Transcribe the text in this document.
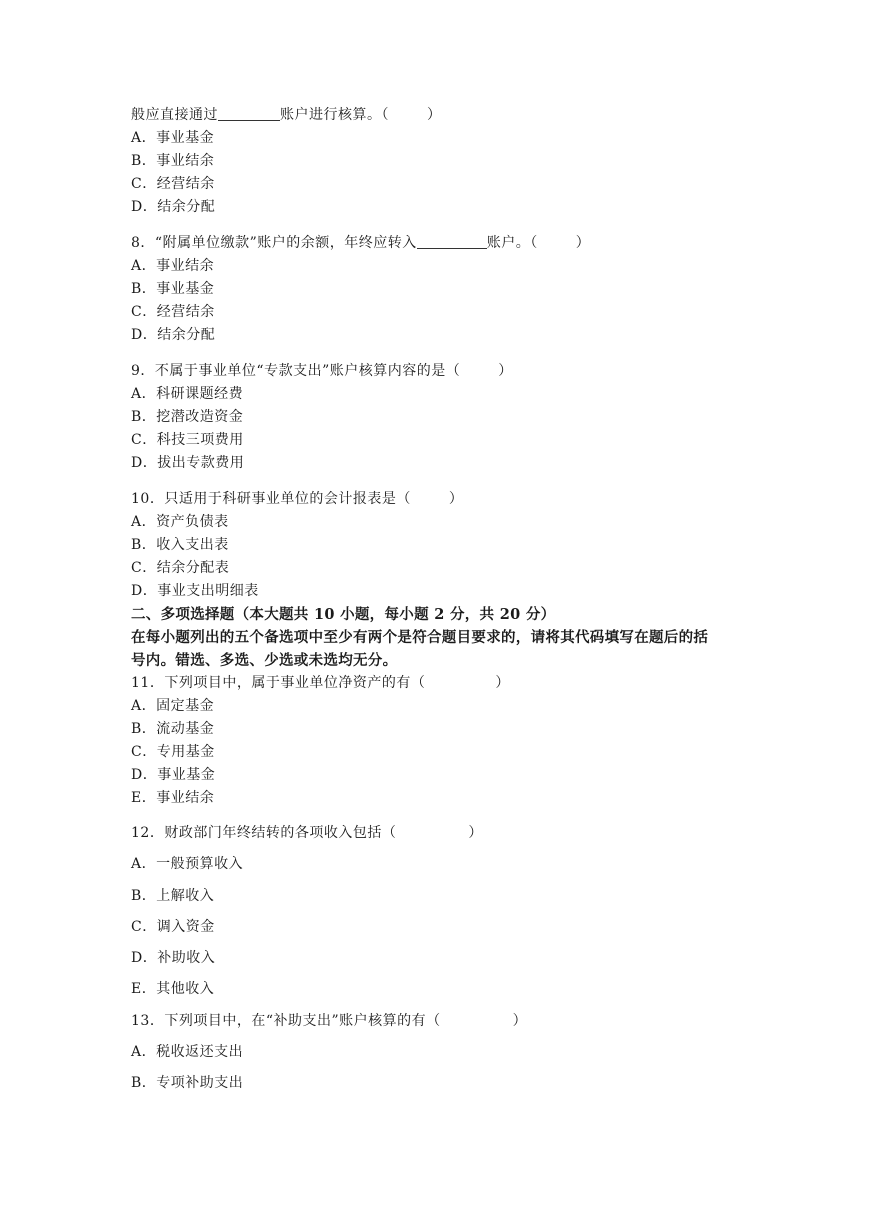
般应直接通过	账户进行核算。（	）
A．事业基金
B．事业结余
C．经营结余
D．结余分配
8．“附属单位缴款”账户的余额，年终应转入	账户。（	）
A．事业结余
B．事业基金
C．经营结余
D．结余分配
9．不属于事业单位“专款支出”账户核算内容的是（	）
A．科研课题经费
B．挖潜改造资金
C．科技三项费用
D．拔出专款费用
10．只适用于科研事业单位的会计报表是（	）
A．资产负债表
B．收入支出表
C．结余分配表
D．事业支出明细表
二、多项选择题（本大题共 10 小题，每小题 2 分，共 20 分）
在每小题列出的五个备选项中至少有两个是符合题目要求的，请将其代码填写在题后的括
号内。错选、多选、少选或未选均无分。
11．下列项目中，属于事业单位净资产的有（	）
A．固定基金
B．流动基金
C．专用基金
D．事业基金
E．事业结余
12．财政部门年终结转的各项收入包括（	）
A．一般预算收入
B．上解收入
C．调入资金
D．补助收入
E．其他收入
13．下列项目中，在“补助支出”账户核算的有（	）
A．税收返还支出
B．专项补助支出
